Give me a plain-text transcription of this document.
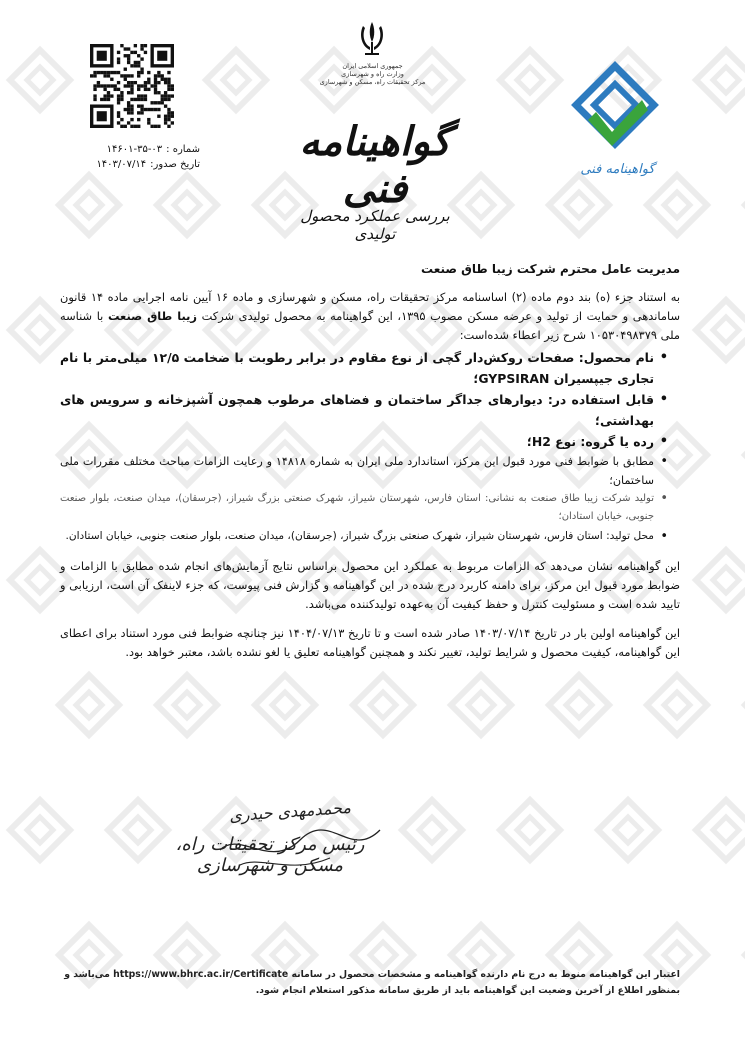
شماره :
۱۴۶۰۱-۳۵-۰۳
تاریخ صدور:
۱۴۰۳/۰۷/۱۴
جمهوری اسلامی ایران
وزارت راه و شهرسازی
مرکز تحقیقات راه، مسکن و شهرسازی
گواهینامه فنی
بررسی عملکرد محصول تولیدی
گواهینامه فنی

مدیریت عامل محترم شرکت زیبا طاق صنعت

به استناد جزء (ه) بند دوم ماده (۲) اساسنامه مرکز تحقیقات راه، مسکن و شهرسازی و ماده ۱۶ آیین نامه اجرایی ماده ۱۴ قانون ساماندهی و حمایت از تولید و عرضه مسکن مصوب ۱۳۹۵، این گواهینامه به محصول تولیدی شرکت زیبا طاق صنعت با شناسه ملی ۱۰۵۳۰۴۹۸۳۷۹ شرح زیر اعطاء شده‌است:

• نام محصول: صفحات روکش‌دار گچی از نوع مقاوم در برابر رطوبت با ضخامت ۱۲/۵ میلی‌متر با نام تجاری جیپسیران GYPSIRAN؛
• قابل استفاده در: دیوارهای جداگر ساختمان و فضاهای مرطوب همچون آشپزخانه و سرویس های بهداشتی؛
• رده یا گروه: نوع H2؛
• مطابق با ضوابط فنی مورد قبول این مرکز، استاندارد ملی ایران به شماره ۱۴۸۱۸ و رعایت الزامات مباحث مختلف مقررات ملی ساختمان؛
• تولید شرکت زیبا طاق صنعت به نشانی: استان فارس، شهرستان شیراز، شهرک صنعتی بزرگ شیراز، (جرسقان)، میدان صنعت، بلوار صنعت جنوبی، خیابان استادان؛
• محل تولید: استان فارس، شهرستان شیراز، شهرک صنعتی بزرگ شیراز، (جرسقان)، میدان صنعت، بلوار صنعت جنوبی، خیابان استادان.

این گواهینامه نشان می‌دهد که الزامات مربوط به عملکرد این محصول براساس نتایج آزمایش‌های انجام شده مطابق با الزامات و ضوابط مورد قبول این مرکز، برای دامنه کاربرد درج شده در این گواهینامه و گزارش فنی پیوست، که جزء لاینفک آن است، ارزیابی و تایید شده است و مسئولیت کنترل و حفظ کیفیت آن به‌عهده تولیدکننده می‌باشد.

این گواهینامه اولین بار در تاریخ ۱۴۰۳/۰۷/۱۴ صادر شده است و تا تاریخ ۱۴۰۴/۰۷/۱۳ نیز چنانچه ضوابط فنی مورد استناد برای اعطای این گواهینامه، کیفیت محصول و شرایط تولید، تغییر نکند و همچنین گواهینامه تعلیق یا لغو نشده باشد، معتبر خواهد بود.

محمدمهدی حیدری
رئیس مرکز تحقیقات راه، مسکن و شهرسازی
اعتبار این گواهینامه منوط به درج نام دارنده گواهینامه و مشخصات محصول در سامانه https://www.bhrc.ac.ir/Certificate می‌باشد و بمنظور اطلاع از آخرین وضعیت این گواهینامه باید از طریق سامانه مذکور استعلام انجام شود.
